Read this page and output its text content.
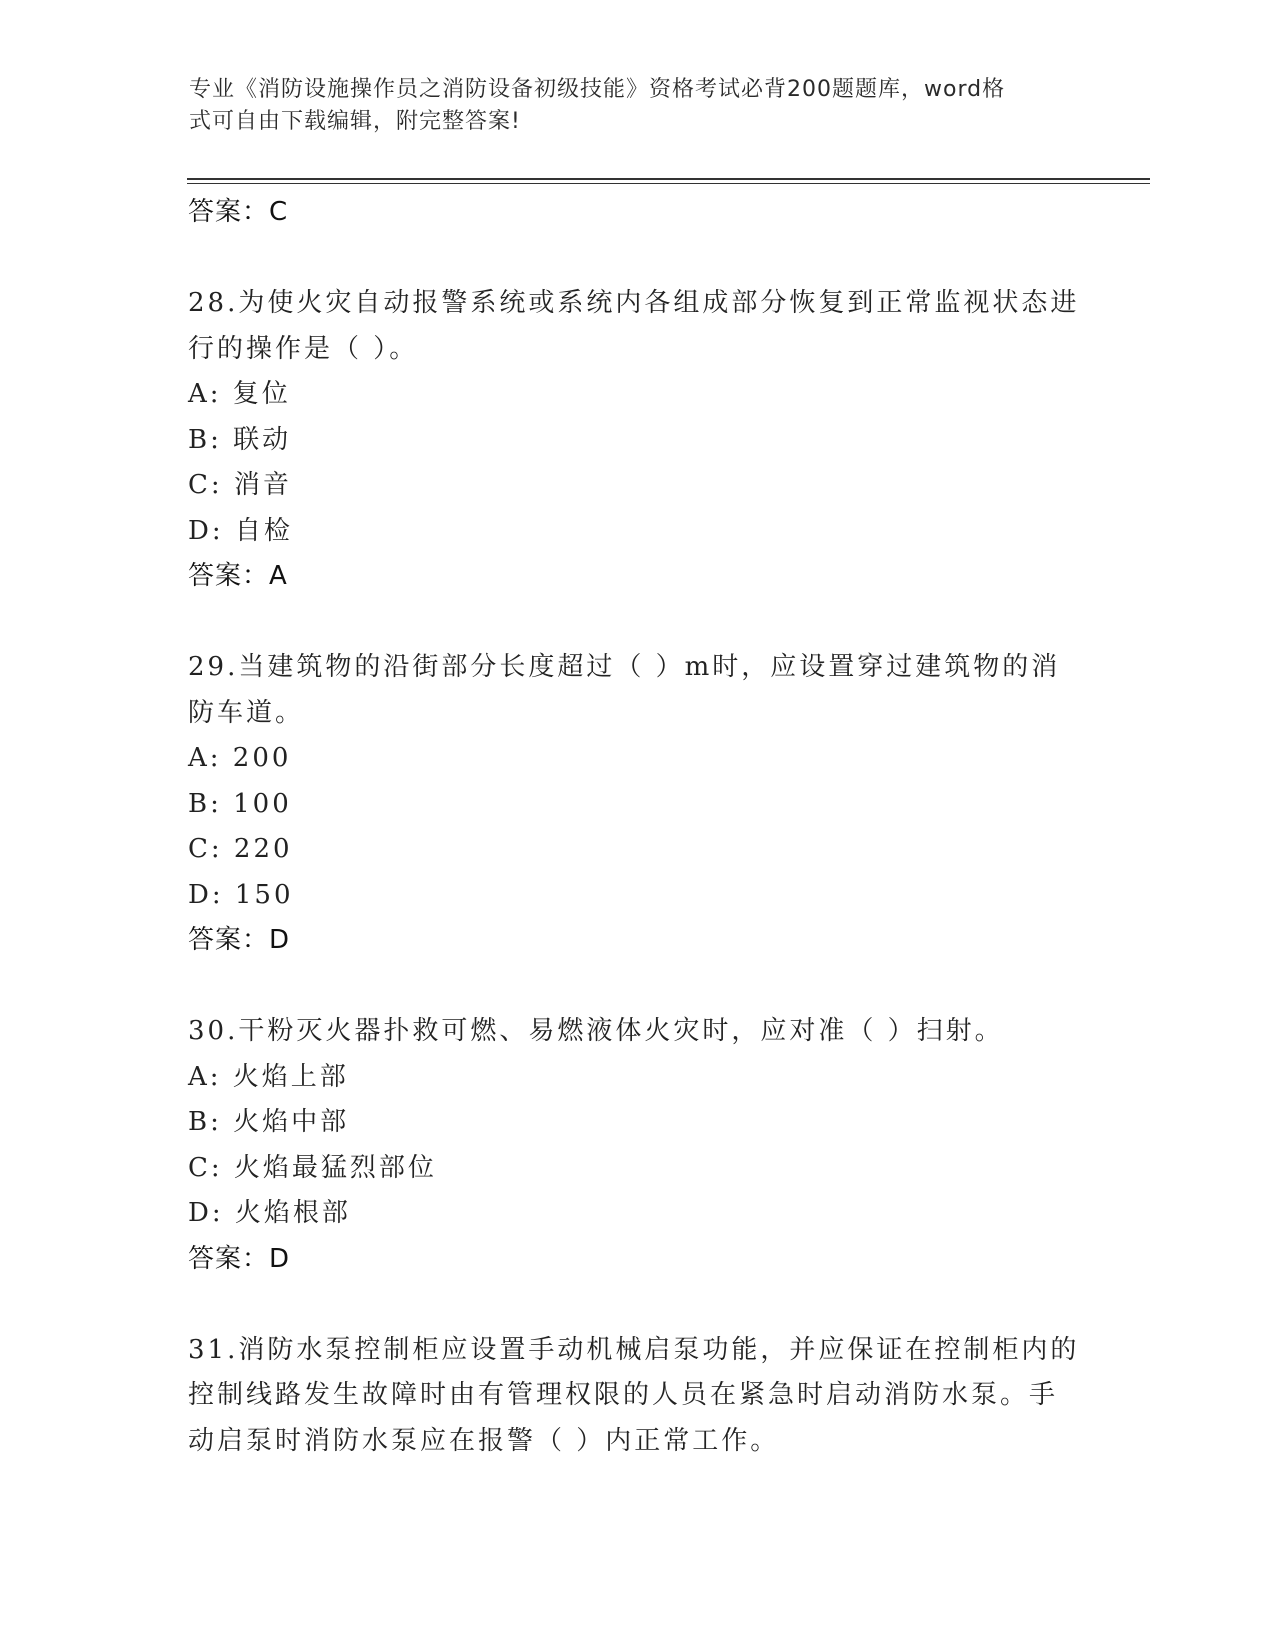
专业《消防设施操作员之消防设备初级技能》资格考试必背200题题库，word格
式可自由下载编辑，附完整答案!
答案：C
28.为使火灾自动报警系统或系统内各组成部分恢复到正常监视状态进
行的操作是（ ）。
A: 复位
B: 联动
C: 消音
D: 自检
答案：A
29.当建筑物的沿街部分长度超过（ ）m时，应设置穿过建筑物的消
防车道。
A: 200
B: 100
C: 220
D: 150
答案：D
30.干粉灭火器扑救可燃、易燃液体火灾时，应对准（ ）扫射。
A: 火焰上部
B: 火焰中部
C: 火焰最猛烈部位
D: 火焰根部
答案：D
31.消防水泵控制柜应设置手动机械启泵功能，并应保证在控制柜内的
控制线路发生故障时由有管理权限的人员在紧急时启动消防水泵。手
动启泵时消防水泵应在报警（ ）内正常工作。
